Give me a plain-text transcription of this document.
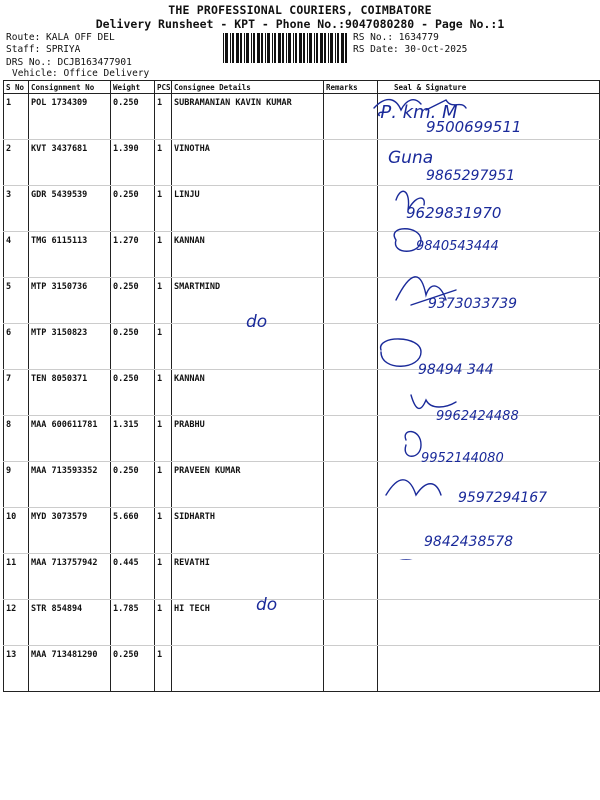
THE PROFESSIONAL COURIERS, COIMBATORE
Delivery Runsheet - KPT - Phone No.:9047080280 - Page No.:1
Route: KALA OFF DEL
Staff: SPRIYA
DRS No.: DCJB163477901
Vehicle: Office Delivery
RS No.: 1634779
RS Date: 30-Oct-2025
S No	Consignment No	Weight	PCS	Consignee Details	Remarks	Seal & Signature
1	POL 1734309	0.250	1	SUBRAMANIAN KAVIN KUMAR		
2	KVT 3437681	1.390	1	VINOTHA		
3	GDR 5439539	0.250	1	LINJU		
4	TMG 6115113	1.270	1	KANNAN		
5	MTP 3150736	0.250	1	SMARTMIND		
6	MTP 3150823	0.250	1			
7	TEN 8050371	0.250	1	KANNAN		
8	MAA 600611781	1.315	1	PRABHU		
9	MAA 713593352	0.250	1	PRAVEEN KUMAR		
10	MYD 3073579	5.660	1	SIDHARTH		
11	MAA 713757942	0.445	1	REVATHI		
12	STR 854894	1.785	1	HI TECH		
13	MAA 713481290	0.250	1			
do
do
Ꝓ. km. M
9500699511
Guna
9865297951
9629831970
9840543444
9373033739
98494 344
9962424488
9952144080
9597294167
9842438578
